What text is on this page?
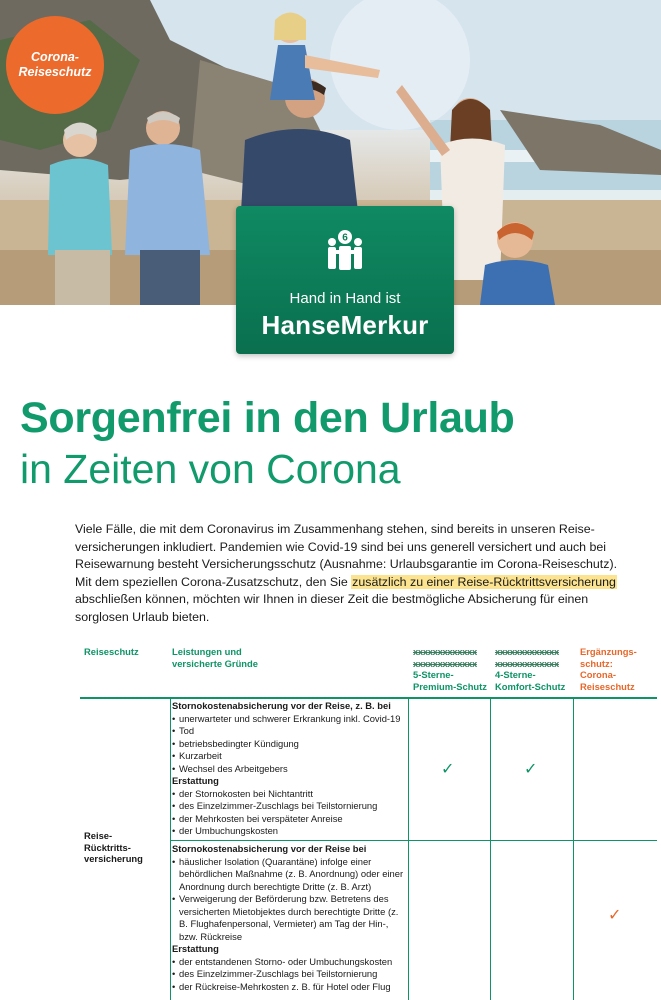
Corona-
Reiseschutz
6
Hand in Hand ist
HanseMerkur
Sorgenfrei in den Urlaub
in Zeiten von Corona

Viele Fälle, die mit dem Coronavirus im Zusammenhang stehen, sind bereits in unseren Reise-versicherungen inkludiert. Pandemien wie Covid-19 sind bei uns generell versichert und auch bei Reisewarnung besteht Versicherungsschutz (Ausnahme: Urlaubsgarantie im Corona-Reiseschutz). Mit dem speziellen Corona-Zusatzschutz, den Sie zusätzlich zu einer Reise-Rücktrittsversicherung abschließen können, möchten wir Ihnen in dieser Zeit die bestmögliche Absicherung für einen sorglosen Urlaub bieten.

Reiseschutz	Leistungen und
versicherte Gründe
xxxxxxxxxxxxx
xxxxxxxxxxxxx
5-Sterne-
Premium-Schutz
xxxxxxxxxxxxx
xxxxxxxxxxxxx
4-Sterne-
Komfort-Schutz
Ergänzungs-
schutz:
Corona-
Reiseschutz
Reise-
Rücktritts-
versicherung
Stornokostenabsicherung vor der Reise, z. B. bei
• unerwarteter und schwerer Erkrankung inkl. Covid-19
• Tod
• betriebsbedingter Kündigung
• Kurzarbeit
• Wechsel des Arbeitgebers
Erstattung
• der Stornokosten bei Nichtantritt
• des Einzelzimmer-Zuschlags bei Teilstornierung
• der Mehrkosten bei verspäteter Anreise
• der Umbuchungskosten
✓	✓
Stornokostenabsicherung vor der Reise bei
• häuslicher Isolation (Quarantäne) infolge einer behördlichen Maßnahme (z. B. Anordnung) oder einer Anordnung durch berechtigte Dritte (z. B. Arzt)
• Verweigerung der Beförderung bzw. Betretens des versicherten Mietobjektes durch berechtigte Dritte (z. B. Flughafenpersonal, Vermieter) am Tag der Hin-, bzw. Rückreise
Erstattung
• der entstandenen Storno- oder Umbuchungskosten
• des Einzelzimmer-Zuschlags bei Teilstornierung
• der Rückreise-Mehrkosten z. B. für Hotel oder Flug
✓
